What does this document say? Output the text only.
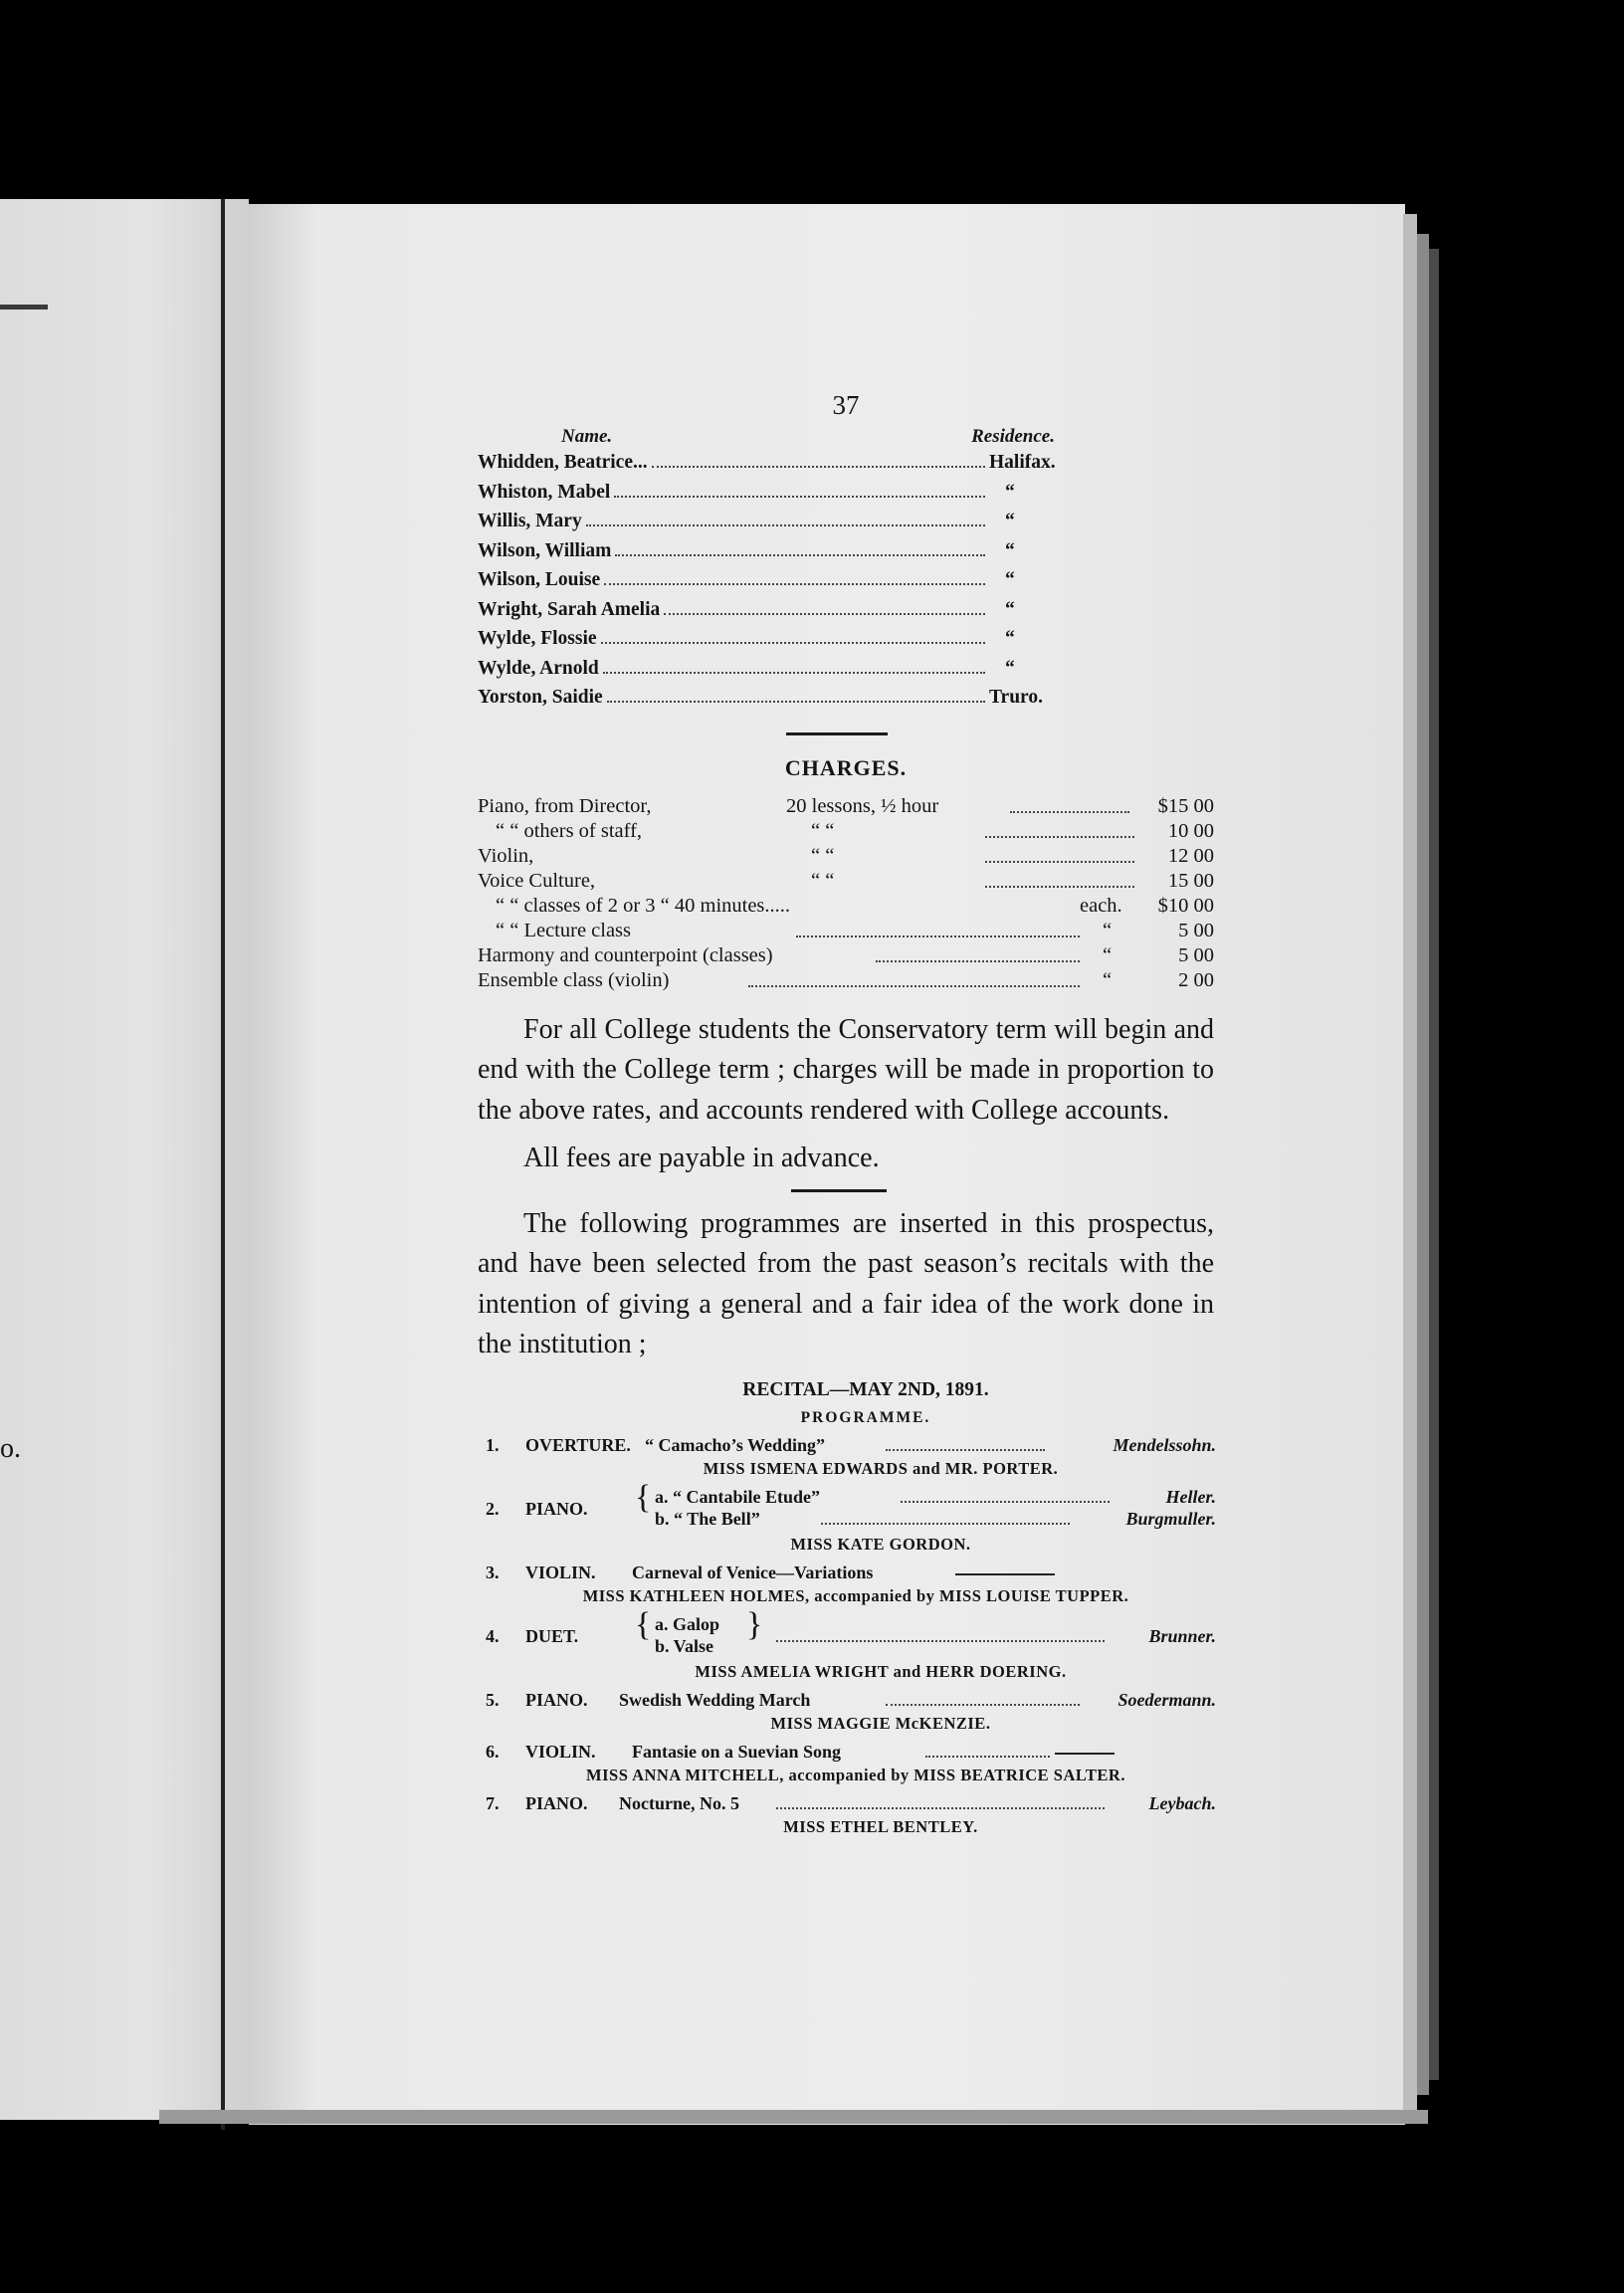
o.
37
Name.	Residence.
Whidden, Beatrice...	Halifax.
Whiston, Mabel	“
Willis, Mary	“
Wilson, William	“
Wilson, Louise	“
Wright, Sarah Amelia	“
Wylde, Flossie	“
Wylde, Arnold	“
Yorston, Saidie	Truro.
CHARGES.
Piano, from Director,	20 lessons, ½ hour	$15 00
“ “ others of staff,	“ “	10 00
Violin,	“ “	12 00
Voice Culture,	“ “	15 00
“ “ classes of 2 or 3 “ 40 minutes.....	each. $10 00
“ “ Lecture class	“	5 00
Harmony and counterpoint (classes)	“	5 00
Ensemble class (violin)	“	2 00

For all College students the Conservatory term will begin and end with the College term ; charges will be made in proportion to the above rates, and accounts rendered with College accounts.

All fees are payable in advance.

The following programmes are inserted in this prospectus, and have been selected from the past season’s recitals with the intention of giving a general and a fair idea of the work done in the institution ;

RECITAL—MAY 2ND, 1891.
PROGRAMME.
1. OVERTURE. “ Camacho’s Wedding”	Mendelssohn.
MISS ISMENA EDWARDS and MR. PORTER.
2. PIANO. { a. “ Cantabile Etude”	Heller.
b. “ The Bell”	Burgmuller.
MISS KATE GORDON.
3. VIOLIN. Carneval of Venice—Variations
MISS KATHLEEN HOLMES, accompanied by MISS LOUISE TUPPER.
4. DUET. { a. Galop
b. Valse
}	Brunner.
MISS AMELIA WRIGHT and HERR DOERING.
5. PIANO. Swedish Wedding March	Soedermann.
MISS MAGGIE McKENZIE.
6. VIOLIN. Fantasie on a Suevian Song
MISS ANNA MITCHELL, accompanied by MISS BEATRICE SALTER.
7. PIANO. Nocturne, No. 5	Leybach.
MISS ETHEL BENTLEY.
